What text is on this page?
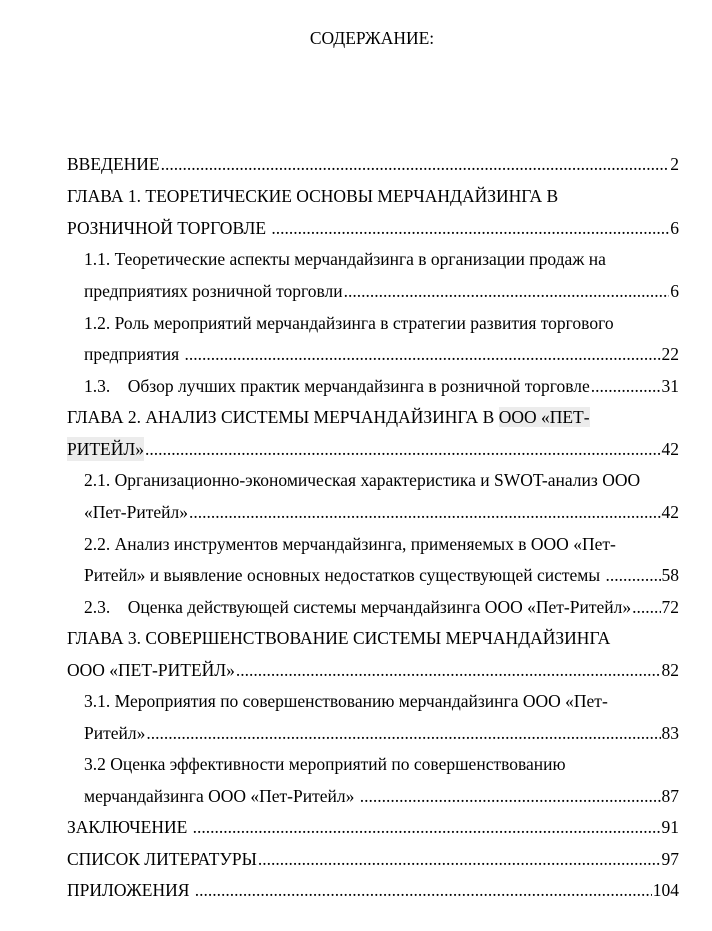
СОДЕРЖАНИЕ:
ВВЕДЕНИЕ .....	2
ГЛАВА 1. ТЕОРЕТИЧЕСКИЕ ОСНОВЫ МЕРЧАНДАЙЗИНГА В
РОЗНИЧНОЙ ТОРГОВЛЕ .....	6
1.1. Теоретические аспекты мерчандайзинга в организации продаж на
предприятиях розничной торговли .....	6
1.2. Роль мероприятий мерчандайзинга в стратегии развития торгового
предприятия .....	22
1.3.    Обзор лучших практик мерчандайзинга в розничной торговле .....	31
ГЛАВА 2. АНАЛИЗ СИСТЕМЫ МЕРЧАНДАЙЗИНГА В ООО «ПЕТ-
РИТЕЙЛ» .....	42
2.1. Организационно-экономическая характеристика и SWOT-анализ ООО
«Пет-Ритейл» .....	42
2.2. Анализ инструментов мерчандайзинга, применяемых в ООО «Пет-
Ритейл» и выявление основных недостатков существующей системы .....	58
2.3.    Оценка действующей системы мерчандайзинга ООО «Пет-Ритейл» ..... 72
ГЛАВА 3. СОВЕРШЕНСТВОВАНИЕ СИСТЕМЫ МЕРЧАНДАЙЗИНГА
ООО «ПЕТ-РИТЕЙЛ» .....	82
3.1. Мероприятия по совершенствованию мерчандайзинга ООО «Пет-
Ритейл» .....	83
3.2 Оценка эффективности мероприятий по совершенствованию
мерчандайзинга ООО «Пет-Ритейл» .....	87
ЗАКЛЮЧЕНИЕ .....	91
СПИСОК ЛИТЕРАТУРЫ .....	97
ПРИЛОЖЕНИЯ .....	104
